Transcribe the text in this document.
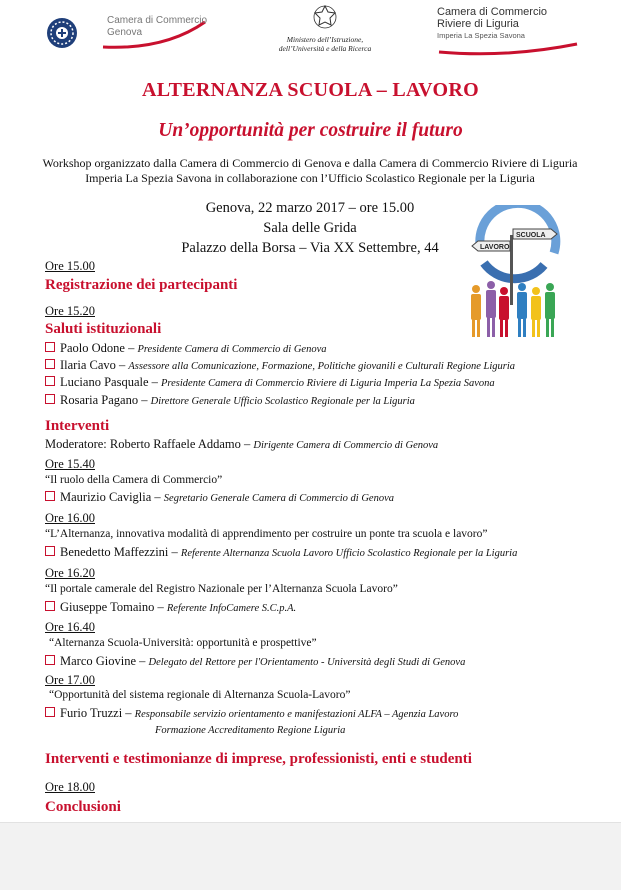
Camera di Commercio
Genova
Ministero dell’Istruzione,
dell’Università e della Ricerca
Camera di Commercio
Riviere di Liguria
Imperia La Spezia Savona
ALTERNANZA SCUOLA – LAVORO
Un’opportunità per costruire il futuro
Workshop organizzato dalla Camera di Commercio di Genova e dalla Camera di Commercio Riviere di Liguria
Imperia La Spezia Savona in collaborazione con l’Ufficio Scolastico Regionale per la Liguria
Genova, 22 marzo 2017 – ore 15.00
Sala delle Grida
Palazzo della Borsa – Via XX Settembre, 44
SCUOLA
LAVORO
Ore 15.00
Registrazione dei partecipanti
Ore 15.20
Saluti istituzionali
Paolo Odone – Presidente Camera di Commercio di Genova
Ilaria Cavo – Assessore alla Comunicazione, Formazione, Politiche giovanili e Culturali Regione Liguria
Luciano Pasquale – Presidente Camera di Commercio Riviere di Liguria Imperia La Spezia Savona
Rosaria Pagano – Direttore Generale Ufficio Scolastico Regionale per la Liguria
Interventi
Moderatore: Roberto Raffaele Addamo – Dirigente Camera di Commercio di Genova
Ore 15.40
“Il ruolo della Camera di Commercio”
Maurizio Caviglia – Segretario Generale Camera di Commercio di Genova
Ore 16.00
“L’Alternanza, innovativa modalità di apprendimento per costruire un ponte tra scuola e lavoro”
Benedetto Maffezzini – Referente Alternanza Scuola Lavoro Ufficio Scolastico Regionale per la Liguria
Ore 16.20
“Il portale camerale del Registro Nazionale per l’Alternanza Scuola Lavoro”
Giuseppe Tomaino – Referente InfoCamere S.C.p.A.
Ore 16.40
“Alternanza Scuola-Università: opportunità e prospettive”
Marco Giovine – Delegato del Rettore per l'Orientamento - Università degli Studi di Genova
Ore 17.00
“Opportunità del sistema regionale di Alternanza Scuola-Lavoro”
Furio Truzzi – Responsabile servizio orientamento e manifestazioni ALFA – Agenzia Lavoro
Formazione Accreditamento Regione Liguria
Interventi e testimonianze di imprese, professionisti, enti e studenti
Ore 18.00
Conclusioni
